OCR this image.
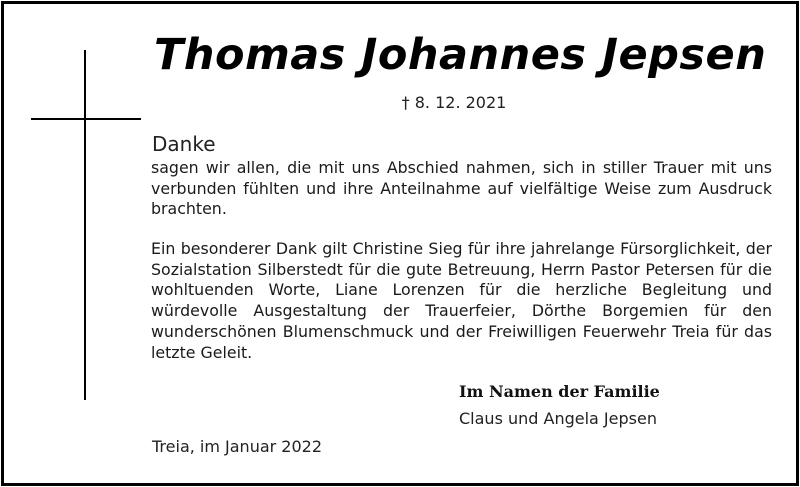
Thomas Johannes Jepsen
† 8. 12. 2021
Danke
sagen wir allen, die mit uns Abschied nahmen, sich in stiller Trauer mit uns verbunden fühlten und ihre Anteilnahme auf vielfältige Weise zum Ausdruck brachten.
Ein besonderer Dank gilt Christine Sieg für ihre jahrelange Fürsorglichkeit, der Sozialstation Silberstedt für die gute Betreuung, Herrn Pastor Petersen für die wohltuenden Worte, Liane Lorenzen für die herzliche Begleitung und würdevolle Ausgestaltung der Trauerfeier, Dörthe Borgemien für den wunderschönen Blumenschmuck und der Freiwilligen Feuerwehr Treia für das letzte Geleit.
Im Namen der Familie
Claus und Angela Jepsen
Treia, im Januar 2022
